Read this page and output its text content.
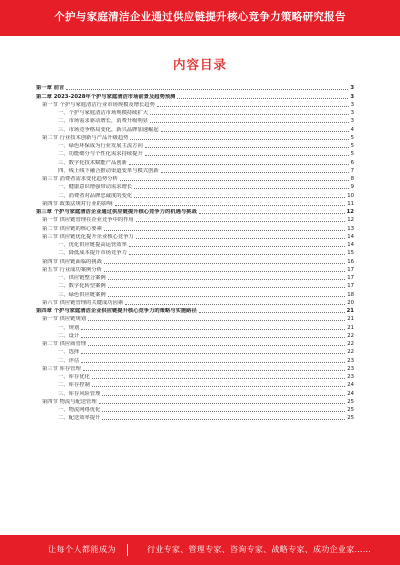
个护与家庭清洁企业通过供应链提升核心竞争力策略研究报告
内容目录
第一章 前言	3
第二章 2023-2028年个护与家庭清洁市场前景及趋势预测	3
第一节 个护与家庭清洁行业市场规模及增长趋势	3
一、个护与家庭清洁市场规模持续扩大	3
二、市场需求驱动增长，消费升级明显	3
三、市场竞争格局变化，新兴品牌加速崛起	4
第二节 行业技术创新与产品升级趋势	5
一、绿色环保成为行业发展主流方向	5
二、功能细分与个性化需求持续提升	5
三、数字化技术赋能产品创新	6
四、线上线下融合推动渠道变革与模式创新	7
第三节 消费者需求变化趋势分析	8
一、健康意识增强带动需求增长	9
二、消费者对品牌忠诚度的变化	10
第四节 政策法规对行业的影响	11
第三章 个护与家庭清洁企业通过供应链提升核心竞争力的机遇与挑战	12
第一节 供应链管理在企业竞争中的作用	12
第二节 供应链的核心要素	13
第三节 供应链优化提升企业核心竞争力	14
一、优化供应链提高运营效率	14
二、降低成本提升市场竞争力	15
第四节 供应链面临的挑战	16
第五节 行业成功案例分析	17
一、供应链整合案例	17
二、数字化转型案例	17
三、绿色供应链案例	18
第六节 供应链管理的关键成功因素	20
第四章 个护与家庭清洁企业供应链提升核心竞争力的策略与实施路径	21
第一节 供应链规划	21
一、规划	21
二、设计	22
第二节 供应商管理	22
一、选择	22
二、评估	23
第三节 库存管理	23
一、库存优化	23
二、库存控制	24
三、库存风险管理	24
第四节 物流与配送管理	25
一、物流网络优化	25
二、配送效率提升	25
让每个人都能成为	行业专家、管理专家、咨询专家、战略专家、成功企业家……
